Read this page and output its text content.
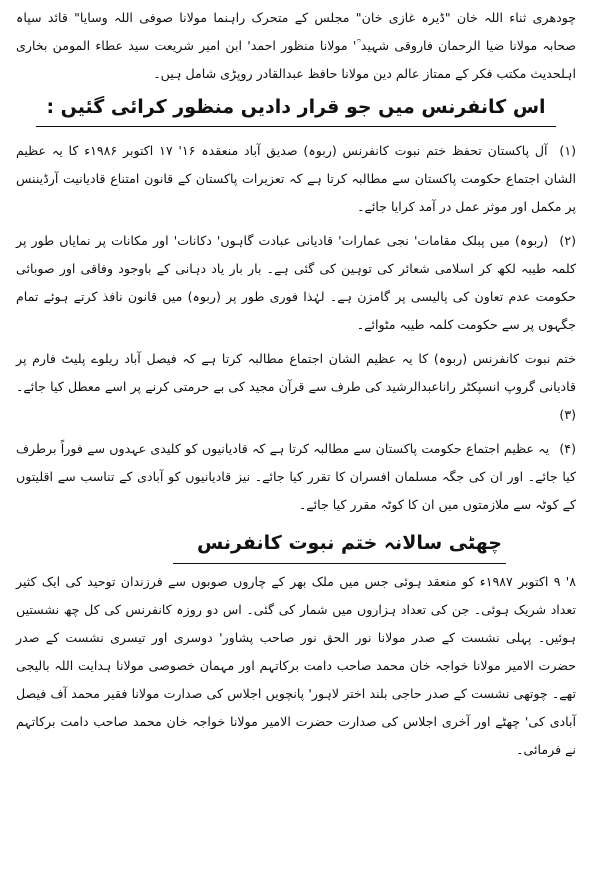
چودھری ثناء اللہ خان "ڈیرہ غازی خان" مجلس کے متحرک راہنما مولانا صوفی اللہ وسایا" قائد سپاہ صحابہ مولانا ضیا الرحمان فاروقی شہید ؒ' مولانا منظور احمد' ابن امیر شریعت سید عطاء المومن بخاری اہلحدیث مکتب فکر کے ممتاز عالم دین مولانا حافظ عبدالقادر روپڑی شامل ہیں۔

اس کانفرنس میں جو قرار دادیں منظور کرائی گئیں :

(۱) آل پاکستان تحفظ ختم نبوت کانفرنس (ربوہ) صدیق آباد منعقدہ ۱۶' ۱۷ اکتوبر ۱۹۸۶ء کا یہ عظیم الشان اجتماع حکومت پاکستان سے مطالبہ کرتا ہے کہ تعزیرات پاکستان کے قانون امتناع قادیانیت آرڈیننس پر مکمل اور موثر عمل در آمد کرایا جائے۔

(۲) (ربوہ) میں پبلک مقامات' نجی عمارات' قادیانی عبادت گاہوں' دکانات' اور مکانات پر نمایاں طور پر کلمہ طیبہ لکھ کر اسلامی شعائر کی توہین کی گئی ہے۔ بار بار یاد دہانی کے باوجود وفاقی اور صوبائی حکومت عدم تعاون کی پالیسی پر گامزن ہے۔ لہٰذا فوری طور پر (ربوہ) میں قانون نافذ کرتے ہوئے تمام جگہوں پر سے حکومت کلمہ طیبہ مٹوائے۔

ختم نبوت کانفرنس (ربوہ) کا یہ عظیم الشان اجتماع مطالبہ کرتا ہے کہ فیصل آباد ریلوے پلیٹ فارم پر قادیانی گروپ انسپکٹر راناعبدالرشید کی طرف سے قرآن مجید کی بے حرمتی کرنے پر اسے معطل کیا جائے۔ (۳)

(۴) یہ عظیم اجتماع حکومت پاکستان سے مطالبہ کرتا ہے کہ قادیانیوں کو کلیدی عہدوں سے فوراً برطرف کیا جائے۔ اور ان کی جگہ مسلمان افسران کا تقرر کیا جائے۔ نیز قادیانیوں کو آبادی کے تناسب سے اقلیتوں کے کوٹہ سے ملازمتوں میں ان کا کوٹہ مقرر کیا جائے۔

چھٹی سالانہ ختم نبوت کانفرنس

۸' ۹ اکتوبر ۱۹۸۷ء کو منعقد ہوئی جس میں ملک بھر کے چاروں صوبوں سے فرزندان توحید کی ایک کثیر تعداد شریک ہوئی۔ جن کی تعداد ہزاروں میں شمار کی گئی۔ اس دو روزہ کانفرنس کی کل چھ نشستیں ہوئیں۔ پہلی نشست کے صدر مولانا نور الحق نور صاحب پشاور' دوسری اور تیسری نشست کے صدر حضرت الامیر مولانا خواجہ خان محمد صاحب دامت برکاتہم اور مہمان خصوصی مولانا ہدایت اللہ بالیجی تھے۔ چوتھی نشست کے صدر حاجی بلند اختر لاہور' پانچویں اجلاس کی صدارت مولانا فقیر محمد آف فیصل آبادی کی' چھٹے اور آخری اجلاس کی صدارت حضرت الامیر مولانا خواجہ خان محمد صاحب دامت برکاتہم نے فرمائی۔
